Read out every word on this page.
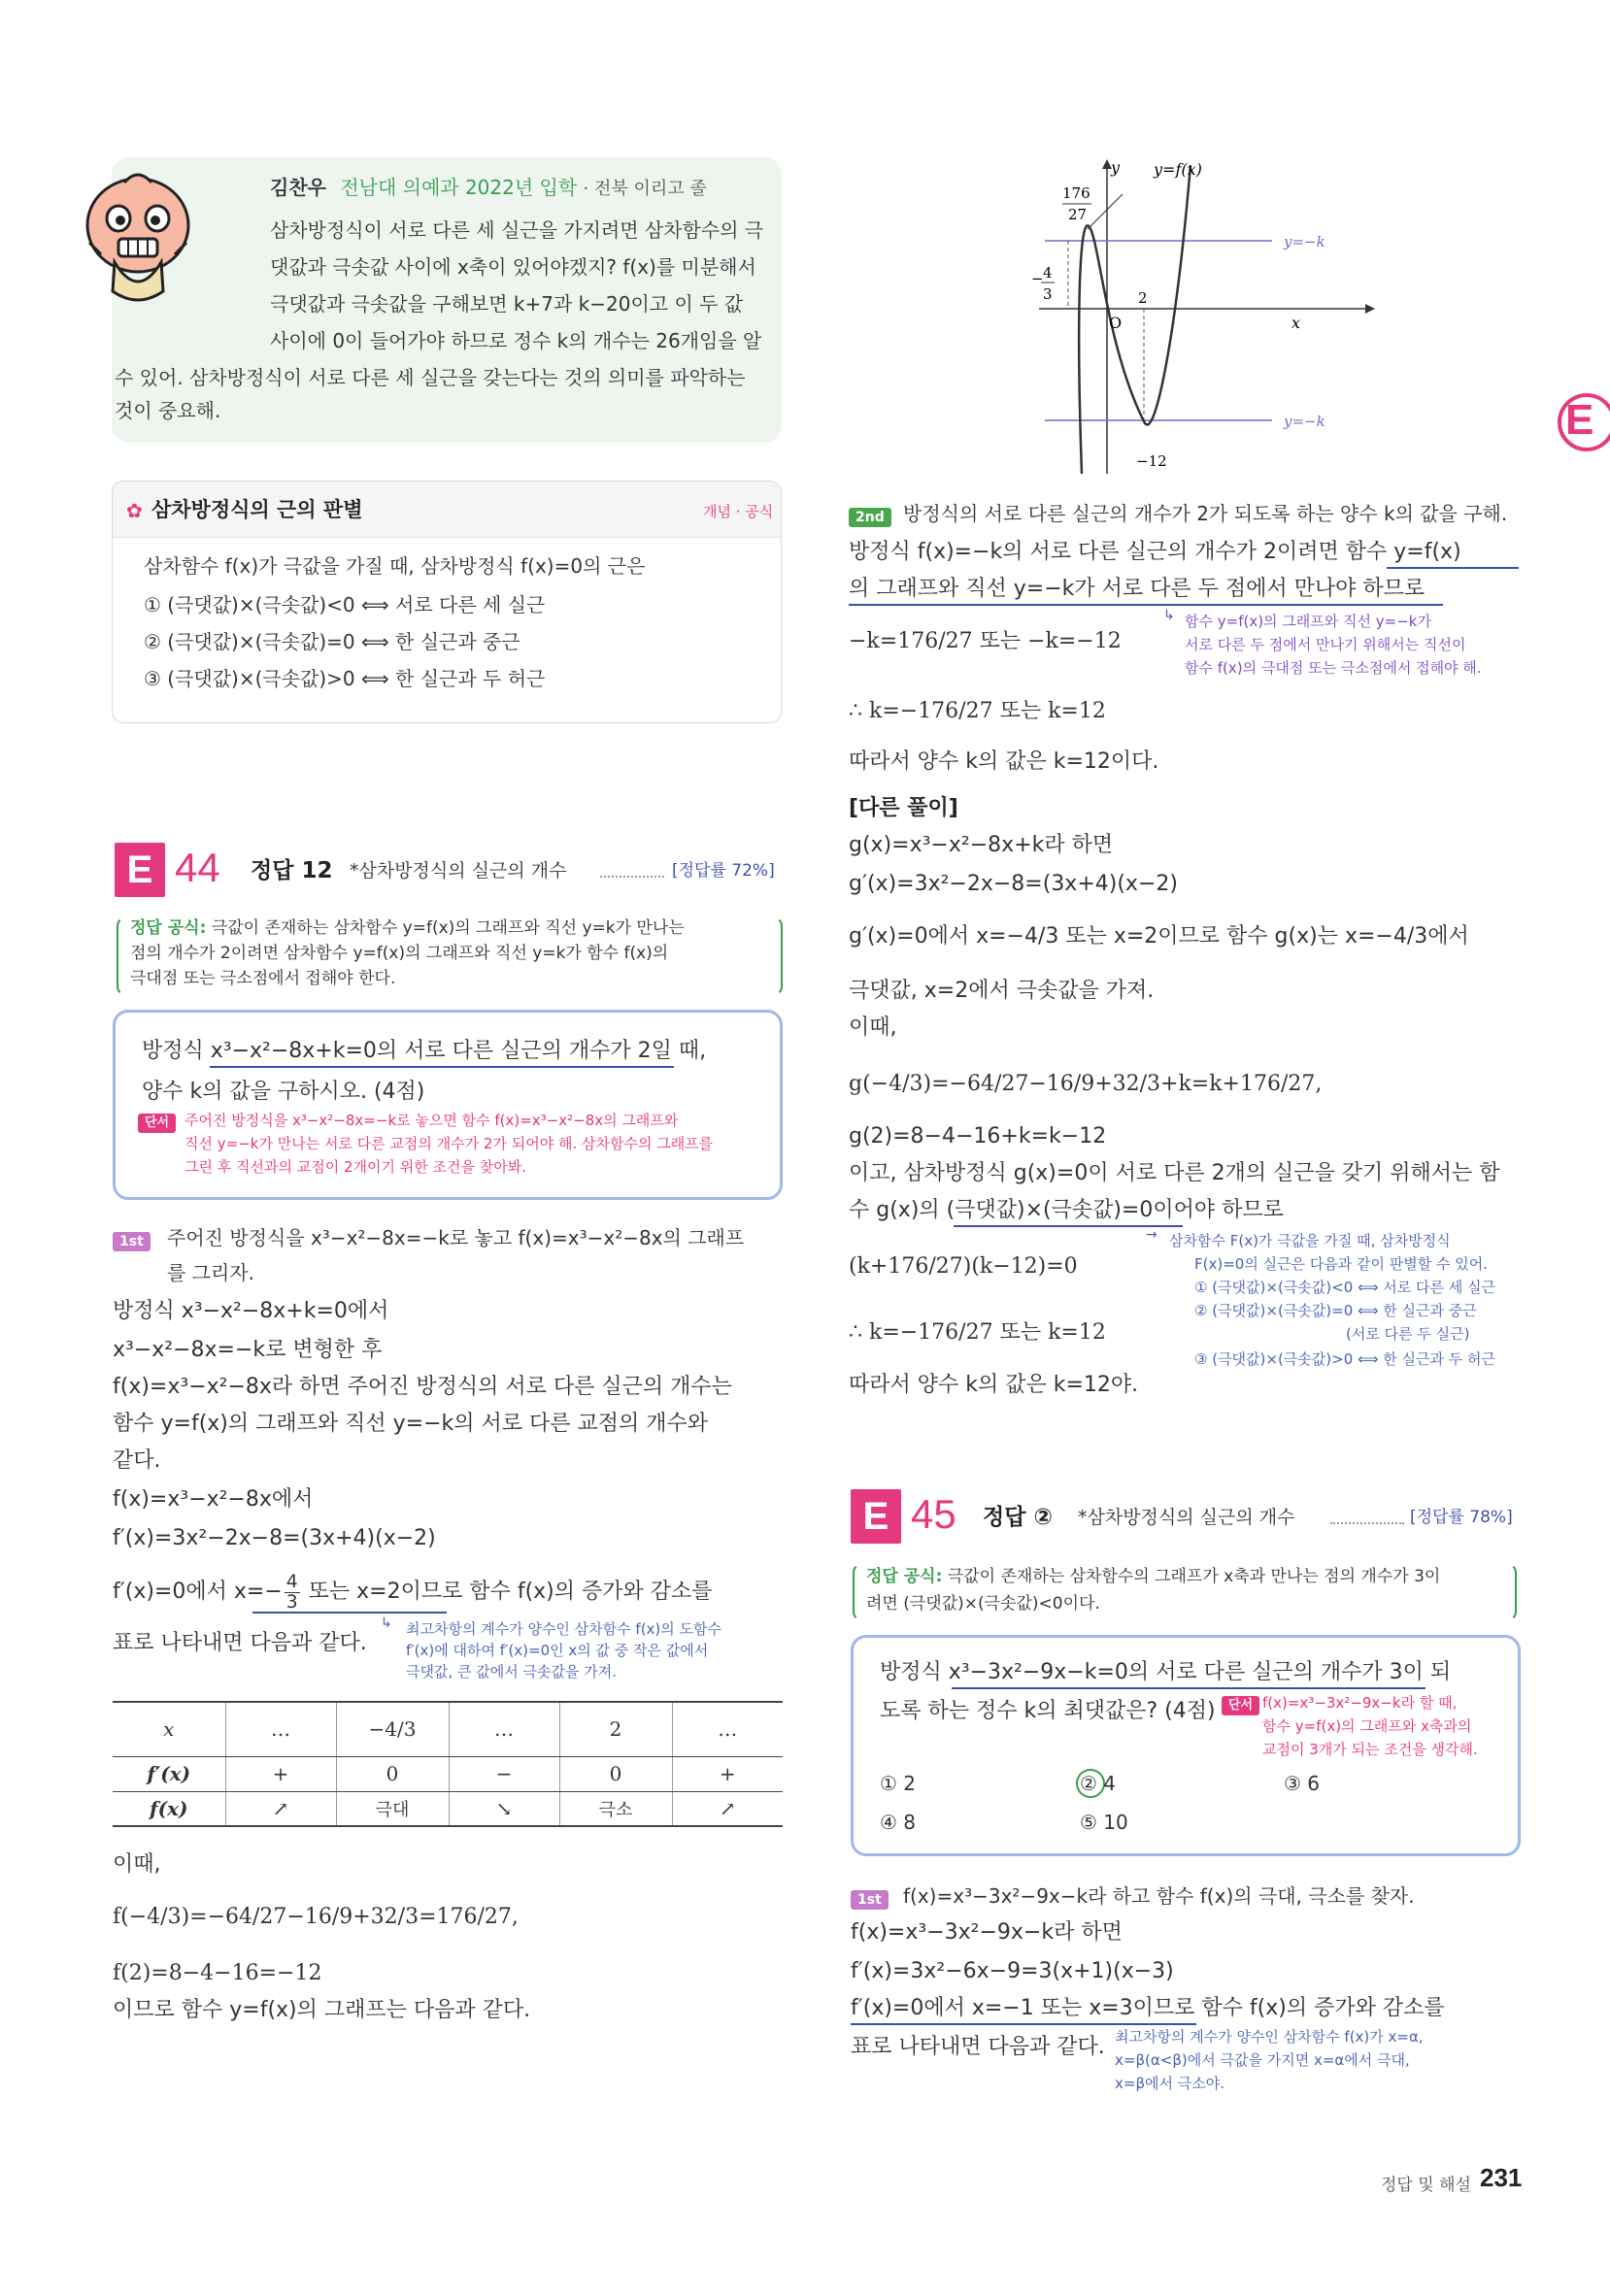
김찬우 전남대 의예과 2022년 입학 · 전북 이리고 졸
삼차방정식이 서로 다른 세 실근을 가지려면 삼차함수의 극
댓값과 극솟값 사이에 x축이 있어야겠지? f(x)를 미분해서
극댓값과 극솟값을 구해보면 k+7과 k−20이고 이 두 값
사이에 0이 들어가야 하므로 정수 k의 개수는 26개임을 알
수 있어. 삼차방정식이 서로 다른 세 실근을 갖는다는 것의 의미를 파악하는
것이 중요해.
✿ 삼차방정식의 근의 판별	개념 · 공식
삼차함수 f(x)가 극값을 가질 때, 삼차방정식 f(x)=0의 근은
① (극댓값)×(극솟값)<0 ⟺ 서로 다른 세 실근
② (극댓값)×(극솟값)=0 ⟺ 한 실근과 중근
③ (극댓값)×(극솟값)>0 ⟺ 한 실근과 두 허근
E 44 정답 12 *삼차방정식의 실근의 개수	[정답률 72%]
정답 공식: 극값이 존재하는 삼차함수 y=f(x)의 그래프와 직선 y=k가 만나는
점의 개수가 2이려면 삼차함수 y=f(x)의 그래프와 직선 y=k가 함수 f(x)의
극대점 또는 극소점에서 접해야 한다.
방정식 x³−x²−8x+k=0의 서로 다른 실근의 개수가 2일 때,
양수 k의 값을 구하시오. (4점)
단서	주어진 방정식을 x³−x²−8x=−k로 놓으면 함수 f(x)=x³−x²−8x의 그래프와
직선 y=−k가 만나는 서로 다른 교점의 개수가 2가 되어야 해. 삼차함수의 그래프를
그린 후 직선과의 교점이 2개이기 위한 조건을 찾아봐.
1st	주어진 방정식을 x³−x²−8x=−k로 놓고 f(x)=x³−x²−8x의 그래프
를 그리자.
방정식 x³−x²−8x+k=0에서
x³−x²−8x=−k로 변형한 후
f(x)=x³−x²−8x라 하면 주어진 방정식의 서로 다른 실근의 개수는
함수 y=f(x)의 그래프와 직선 y=−k의 서로 다른 교점의 개수와
같다.
f(x)=x³−x²−8x에서
f′(x)=3x²−2x−8=(3x+4)(x−2)
f′(x)=0에서 $x=- \frac{4}{3}$ 또는 x=2이므로 함수 f(x)의 증가와 감소를
표로 나타내면 다음과 같다.
↳ 최고차항의 계수가 양수인 삼차함수 f(x)의 도함수
f′(x)에 대하여 f′(x)=0인 x의 값 중 작은 값에서
극댓값, 큰 값에서 극솟값을 가져.
x	…	−4/3	…	2	…
f′(x)	+	0	−	0	+
f(x)	↗	극대	↘	극소	↗
이때,
f(−4/3)=−64/27−16/9+32/3=176/27,
f(2)=8−4−16=−12
이므로 함수 y=f(x)의 그래프는 다음과 같다.
y y=f(x)
x
O
176
27
− 4
3	2
−12
y=−k
y=−k	E
2nd 방정식의 서로 다른 실근의 개수가 2가 되도록 하는 양수 k의 값을 구해.
방정식 f(x)=−k의 서로 다른 실근의 개수가 2이려면 함수 y=f(x)
의 그래프와 직선 y=−k가 서로 다른 두 점에서 만나야 하므로
−k=176/27 또는 −k=−12
↳ 함수 y=f(x)의 그래프와 직선 y=−k가
서로 다른 두 점에서 만나기 위해서는 직선이
함수 f(x)의 극대점 또는 극소점에서 접해야 해.
∴ k=−176/27 또는 k=12
따라서 양수 k의 값은 k=12이다.
[다른 풀이]
g(x)=x³−x²−8x+k라 하면
g′(x)=3x²−2x−8=(3x+4)(x−2)
g′(x)=0에서 x=−4/3 또는 x=2이므로 함수 g(x)는 x=−4/3에서
극댓값, x=2에서 극솟값을 가져.
이때,
g(−4/3)=−64/27−16/9+32/3+k=k+176/27,
g(2)=8−4−16+k=k−12
이고, 삼차방정식 g(x)=0이 서로 다른 2개의 실근을 갖기 위해서는 함
수 g(x)의 (극댓값)×(극솟값)=0이어야 하므로
(k+176/27)(k−12)=0
∴ k=−176/27 또는 k=12
따라서 양수 k의 값은 k=12야.
→ 삼차함수 F(x)가 극값을 가질 때, 삼차방정식
F(x)=0의 실근은 다음과 같이 판별할 수 있어.
① (극댓값)×(극솟값)<0 ⟺ 서로 다른 세 실근
② (극댓값)×(극솟값)=0 ⟺ 한 실근과 중근
(서로 다른 두 실근)
③ (극댓값)×(극솟값)>0 ⟺ 한 실근과 두 허근
E 45 정답 ② *삼차방정식의 실근의 개수	[정답률 78%]
정답 공식: 극값이 존재하는 삼차함수의 그래프가 x축과 만나는 점의 개수가 3이
려면 (극댓값)×(극솟값)<0이다.
방정식 x³−3x²−9x−k=0의 서로 다른 실근의 개수가 3이 되
도록 하는 정수 k의 최댓값은? (4점)	단서 f(x)=x³−3x²−9x−k라 할 때,
함수 y=f(x)의 그래프와 x축과의
교점이 3개가 되는 조건을 생각해.
① 2	② 4	③ 6
④ 8	⑤ 10
1st	f(x)=x³−3x²−9x−k라 하고 함수 f(x)의 극대, 극소를 찾자.
f(x)=x³−3x²−9x−k라 하면
f′(x)=3x²−6x−9=3(x+1)(x−3)
f′(x)=0에서 x=−1 또는 x=3이므로 함수 f(x)의 증가와 감소를
표로 나타내면 다음과 같다. 최고차항의 계수가 양수인 삼차함수 f(x)가 x=α,
x=β(α<β)에서 극값을 가지면 x=α에서 극대,
x=β에서 극소야.
정답 및 해설 231
